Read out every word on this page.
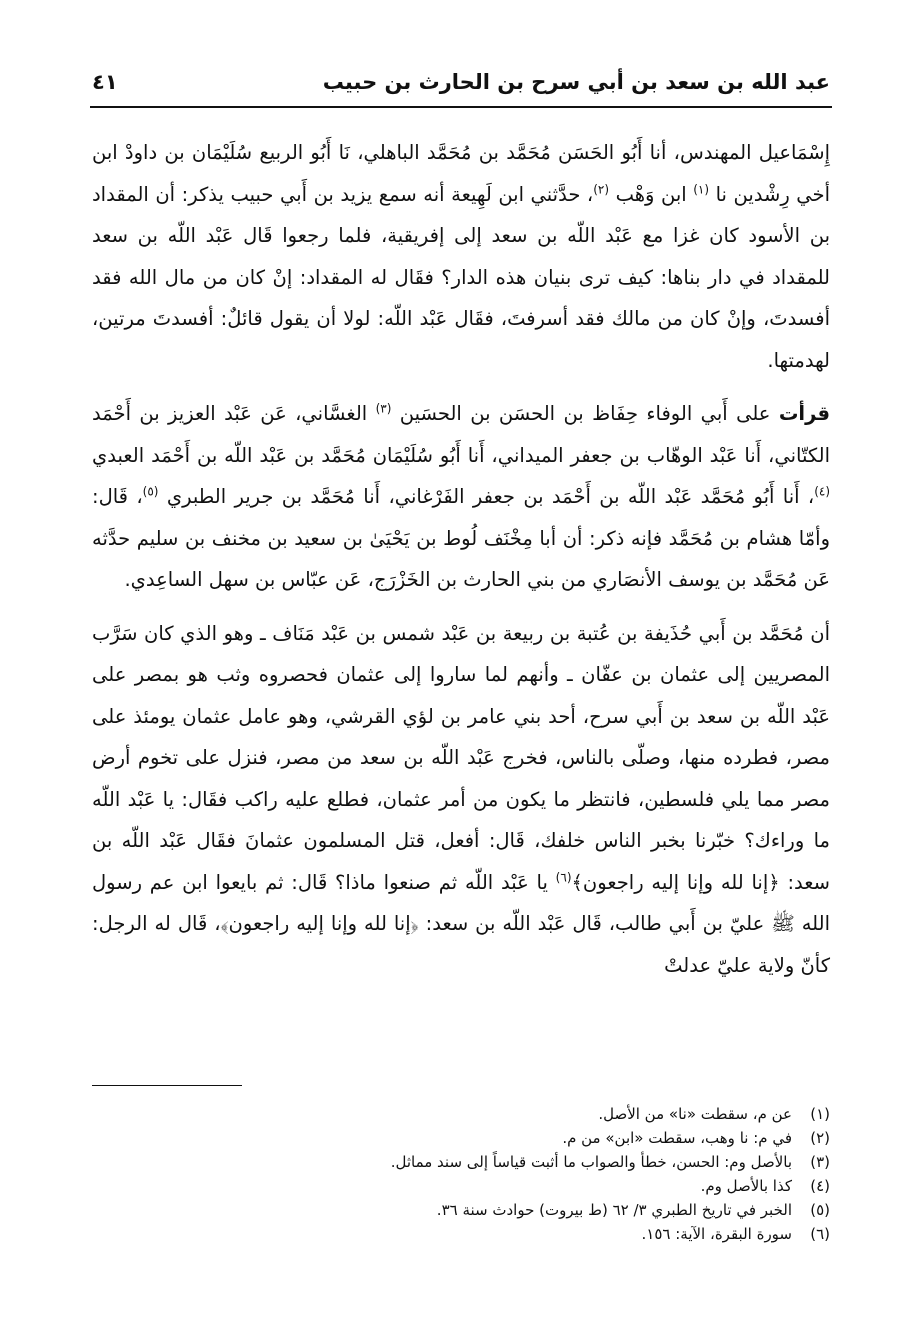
عبد الله بن سعد بن أبي سرح بن الحارث بن حبيب
٤١

إِسْمَاعيل المهندس، أنا أَبُو الحَسَن مُحَمَّد بن مُحَمَّد الباهلي، نَا أَبُو الربيع سُلَيْمَان بن داودْ ابن أخي رِشْدين نا $^{(١)}$ ابن وَهْب $^{(٢)}$، حدَّثني ابن لَهِيعة أنه سمع يزيد بن أَبي حبيب يذكر: أن المقداد بن الأسود كان غزا مع عَبْد اللّه بن سعد إلى إفريقية، فلما رجعوا قَال عَبْد اللّه بن سعد للمقداد في دار بناها: كيف ترى بنيان هذه الدار؟ فقَال له المقداد: إنْ كان من مال الله فقد أفسدتَ، وإنْ كان من مالك فقد أسرفتَ، فقَال عَبْد اللّه: لولا أن يقول قائلٌ: أفسدتَ مرتين، لهدمتها.

قرأت على أَبي الوفاء حِفَاظ بن الحسَن بن الحسَين $^{(٣)}$ الغسَّاني، عَن عَبْد العزيز بن أَحْمَد الكتّاني، أَنا عَبْد الوهّاب بن جعفر الميداني، أَنا أَبُو سُلَيْمَان مُحَمَّد بن عَبْد اللّه بن أَحْمَد العبدي $^{(٤)}$، أَنا أَبُو مُحَمَّد عَبْد اللّه بن أَحْمَد بن جعفر الفَرْغاني، أَنا مُحَمَّد بن جرير الطبري $^{(٥)}$، قَال: وأمّا هشام بن مُحَمَّد فإنه ذكر: أن أبا مِخْنَف لُوط بن يَحْيَىٰ بن سعيد بن مخنف بن سليم حدَّثه عَن مُحَمَّد بن يوسف الأنصَاري من بني الحارث بن الخَزْرَج، عَن عبّاس بن سهل الساعِدي.

أن مُحَمَّد بن أَبي حُذَيفة بن عُتبة بن ربيعة بن عَبْد شمس بن عَبْد مَنَاف ـ وهو الذي كان سَرَّب المصريين إلى عثمان بن عفّان ـ وأنهم لما ساروا إلى عثمان فحصروه وثب هو بمصر على عَبْد اللّه بن سعد بن أَبي سرح، أحد بني عامر بن لؤي القرشي، وهو عامل عثمان يومئذ على مصر، فطرده منها، وصلّى بالناس، فخرج عَبْد اللّه بن سعد من مصر، فنزل على تخوم أرض مصر مما يلي فلسطين، فانتظر ما يكون من أمر عثمان، فطلع عليه راكب فقَال: يا عَبْد اللّه ما وراءك؟ خبّرنا بخبر الناس خلفك، قَال: أفعل، قتل المسلمون عثمانَ فقَال عَبْد اللّه بن سعد: ﴿إنا لله وإنا إليه راجعون﴾$^{(٦)}$ يا عَبْد اللّه ثم صنعوا ماذا؟ قَال: ثم بايعوا ابن عم رسول الله ﷺ عليّ بن أَبي طالب، قَال عَبْد اللّه بن سعد: ﴿إنا لله وإنا إليه راجعون﴾، قَال له الرجل: كأنّ ولاية عليّ عدلتْ

(١)
عن م، سقطت «نا» من الأصل.
(٢)
في م: نا وهب، سقطت «ابن» من م.
(٣)
بالأصل وم: الحسن، خطأ والصواب ما أثبت قياساً إلى سند مماثل.
(٤)
كذا بالأصل وم.
(٥)
الخبر في تاريخ الطبري ٣/ ٦٢ (ط بيروت) حوادث سنة ٣٦.
(٦)
سورة البقرة، الآية: ١٥٦.
